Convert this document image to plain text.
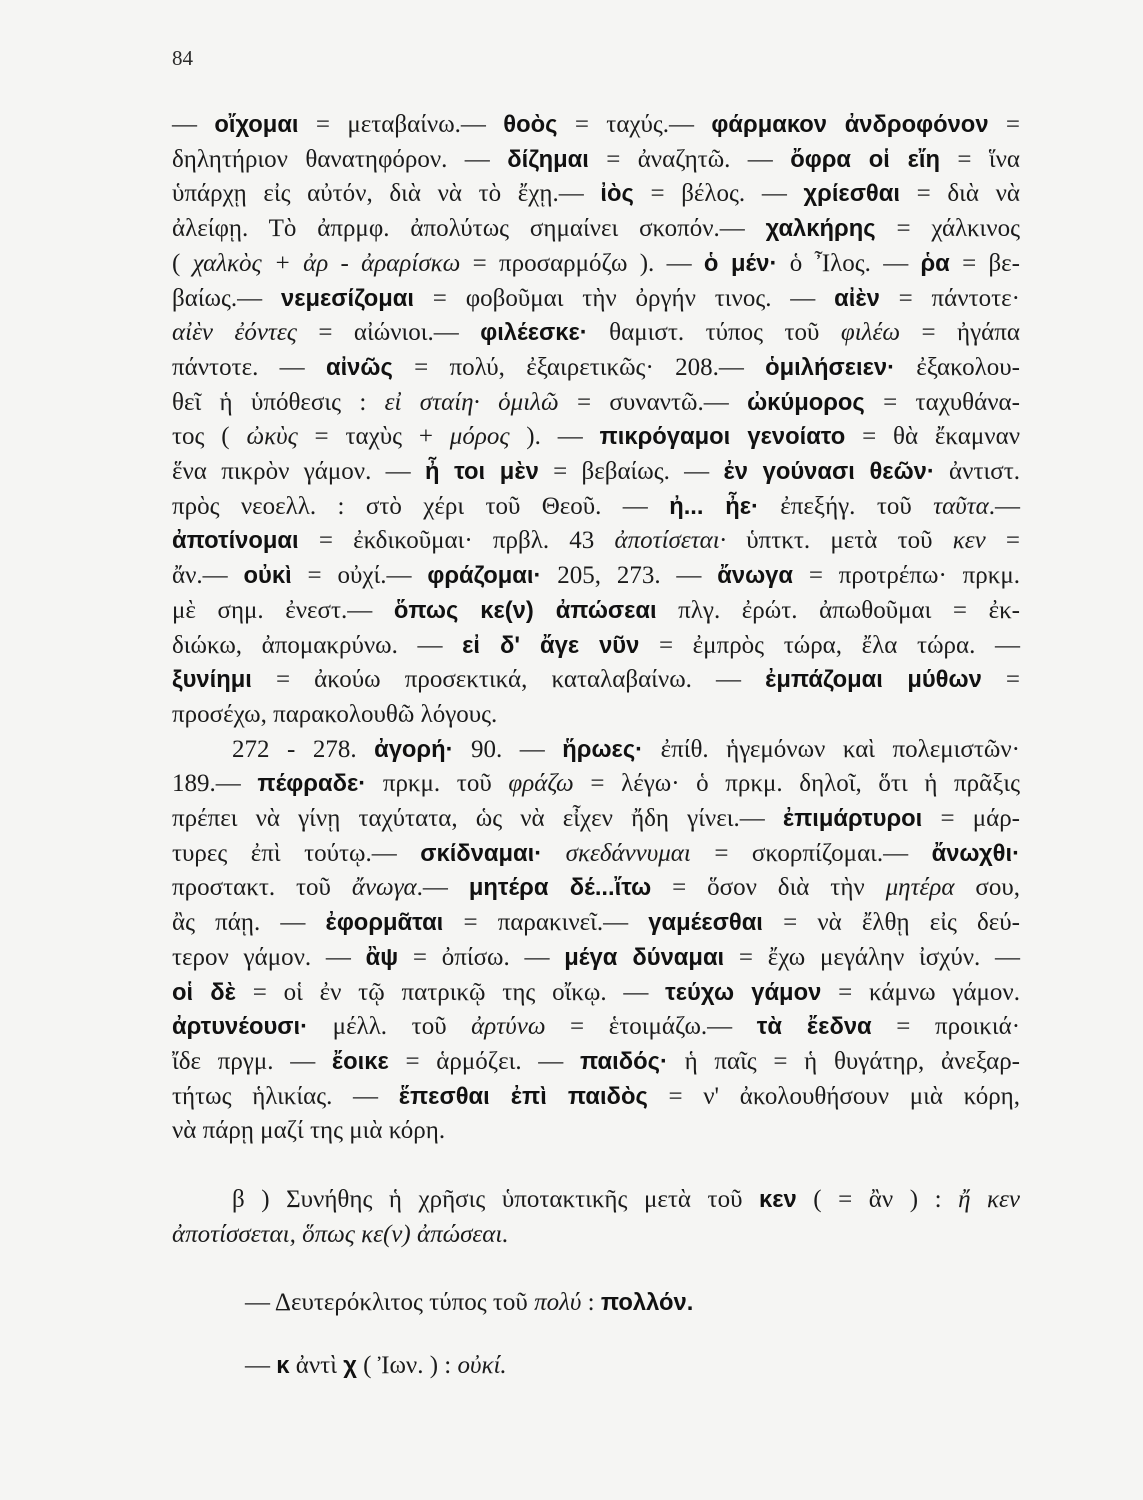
84
— οἴχομαι = μεταβαίνω.— θοὸς = ταχύς.— φάρμακον ἀνδροφόνον =
δηλητήριον θανατηφόρον. — δίζημαι = ἀναζητῶ. — ὄφρα οἱ εἴη = ἵνα
ὑπάρχῃ εἰς αὐτόν, διὰ νὰ τὸ ἔχῃ.— ἰὸς = βέλος. — χρίεσθαι = διὰ νὰ
ἀλείφῃ. Τὸ ἀπρμφ. ἀπολύτως σημαίνει σκοπόν.— χαλκήρης = χάλκινος
( χαλκὸς + ἀρ - ἀραρίσκω = προσαρμόζω ). — ὁ μέν· ὁ Ἶλος. — ῥα = βε-
βαίως.— νεμεσίζομαι = φοβοῦμαι τὴν ὀργήν τινος. — αἰὲν = πάντοτε·
αἰὲν ἐόντες = αἰώνιοι.— φιλέεσκε· θαμιστ. τύπος τοῦ φιλέω = ἠγάπα
πάντοτε. — αἰνῶς = πολύ, ἐξαιρετικῶς· 208.— ὁμιλήσειεν· ἐξακολου-
θεῖ ἡ ὑπόθεσις : εἰ σταίη· ὁμιλῶ = συναντῶ.— ὠκύμορος = ταχυθάνα-
τος ( ὠκὺς = ταχὺς + μόρος ). — πικρόγαμοι γενοίατο = θὰ ἔκαμναν
ἕνα πικρὸν γάμον. — ἦ τοι μὲν = βεβαίως. — ἐν γούνασι θεῶν· ἀντιστ.
πρὸς νεοελλ. : στὸ χέρι τοῦ Θεοῦ. — ἠ... ἦε· ἐπεξήγ. τοῦ ταῦτα.—
ἀποτίνομαι = ἐκδικοῦμαι· πρβλ. 43 ἀποτίσεται· ὑπτκτ. μετὰ τοῦ κεν =
ἄν.— οὐκὶ = οὐχί.— φράζομαι· 205, 273. — ἄνωγα = προτρέπω· πρκμ.
μὲ σημ. ἐνεστ.— ὅπως κε(ν) ἀπώσεαι πλγ. ἐρώτ. ἀπωθοῦμαι = ἐκ-
διώκω, ἀπομακρύνω. — εἰ δ' ἄγε νῦν = ἐμπρὸς τώρα, ἔλα τώρα. —
ξυνίημι = ἀκούω προσεκτικά, καταλαβαίνω. — ἐμπάζομαι μύθων =
προσέχω, παρακολουθῶ λόγους.
272 - 278. ἀγορή· 90. — ἥρωες· ἐπίθ. ἡγεμόνων καὶ πολεμιστῶν·
189.— πέφραδε· πρκμ. τοῦ φράζω = λέγω· ὁ πρκμ. δηλοῖ, ὅτι ἡ πρᾶξις
πρέπει νὰ γίνῃ ταχύτατα, ὡς νὰ εἶχεν ἤδη γίνει.— ἐπιμάρτυροι = μάρ-
τυρες ἐπὶ τούτῳ.— σκίδναμαι· σκεδάννυμαι = σκορπίζομαι.— ἄνωχθι·
προστακτ. τοῦ ἄνωγα.— μητέρα δέ...ἴτω = ὅσον διὰ τὴν μητέρα σου,
ἂς πάῃ. — ἐφορμᾶται = παρακινεῖ.— γαμέεσθαι = νὰ ἔλθῃ εἰς δεύ-
τερον γάμον. — ἂψ = ὀπίσω. — μέγα δύναμαι = ἔχω μεγάλην ἰσχύν. —
οἱ δὲ = οἱ ἐν τῷ πατρικῷ της οἴκῳ. — τεύχω γάμον = κάμνω γάμον.
ἀρτυνέουσι· μέλλ. τοῦ ἀρτύνω = ἑτοιμάζω.— τὰ ἔεδνα = προικιά·
ἴδε πργμ. — ἔοικε = ἁρμόζει. — παιδός· ἡ παῖς = ἡ θυγάτηρ, ἀνεξαρ-
τήτως ἡλικίας. — ἕπεσθαι ἐπὶ παιδὸς = ν' ἀκολουθήσουν μιὰ κόρη,
νὰ πάρῃ μαζί της μιὰ κόρη.
β ) Συνήθης ἡ χρῆσις ὑποτακτικῆς μετὰ τοῦ κεν ( = ἂν ) : ἤ κεν
ἀποτίσσεται, ὅπως κε(ν) ἀπώσεαι.
— Δευτερόκλιτος τύπος τοῦ πολύ : πολλόν.
— κ ἀντὶ χ ( Ἰων. ) : οὐκί.
